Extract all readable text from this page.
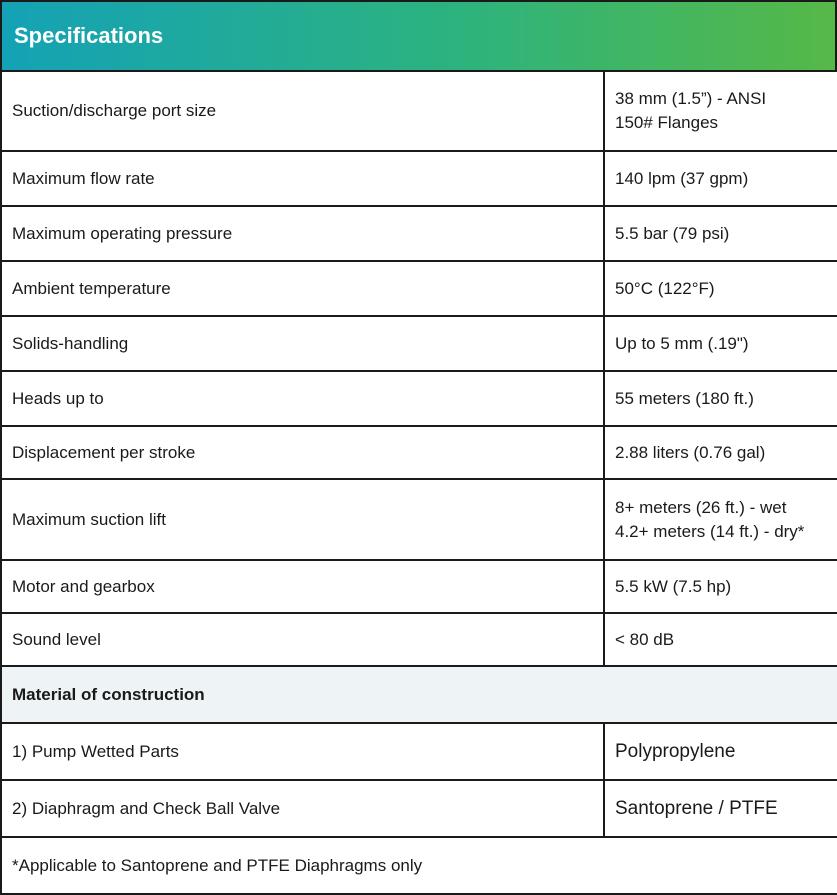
Specifications
Suction/discharge port size	38 mm (1.5”) - ANSI
150# Flanges
Maximum flow rate	140 lpm (37 gpm)
Maximum operating pressure	5.5 bar (79 psi)
Ambient temperature	50°C (122°F)
Solids-handling	Up to 5 mm (.19")
Heads up to	55 meters (180 ft.)
Displacement per stroke	2.88 liters (0.76 gal)
Maximum suction lift	8+ meters (26 ft.) - wet
4.2+ meters (14 ft.) - dry*
Motor and gearbox	5.5 kW (7.5 hp)
Sound level	< 80 dB
Material of construction	
1) Pump Wetted Parts	Polypropylene
2) Diaphragm and Check Ball Valve	Santoprene / PTFE
*Applicable to Santoprene and PTFE Diaphragms only	
